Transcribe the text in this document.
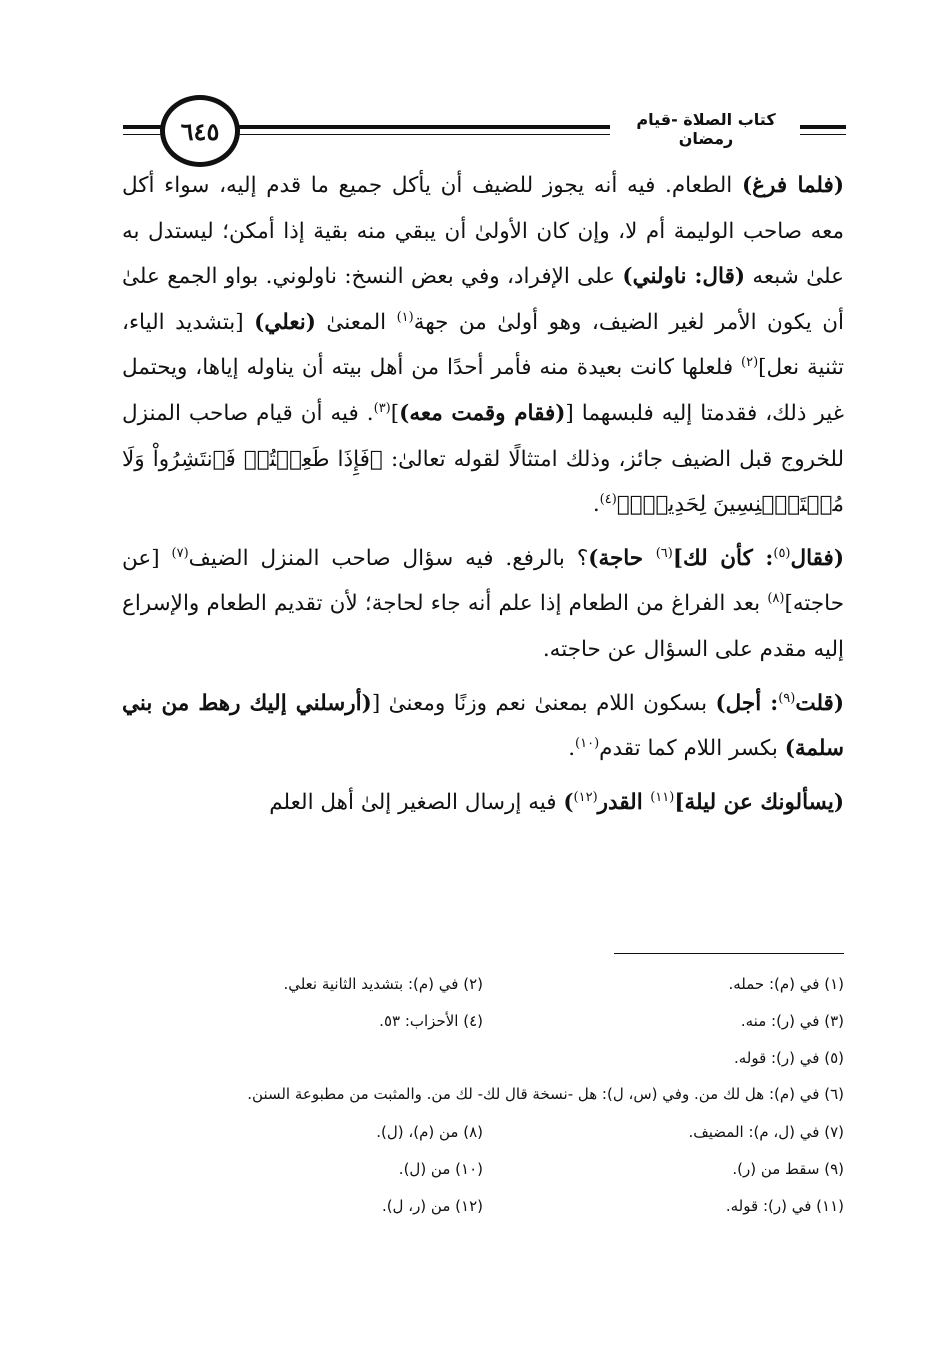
٦٤٥	كتاب الصلاة -قيام رمضان

(فلما فرغ) الطعام. فيه أنه يجوز للضيف أن يأكل جميع ما قدم إليه، سواء أكل معه صاحب الوليمة أم لا، وإن كان الأولىٰ أن يبقي منه بقية إذا أمكن؛ ليستدل به علىٰ شبعه (قال: ناولني) على الإفراد، وفي بعض النسخ: ناولوني. بواو الجمع علىٰ أن يكون الأمر لغير الضيف، وهو أولىٰ من جهة$^{(١)}$ المعنىٰ (نعلي) [بتشديد الياء، تثنية نعل]$^{(٢)}$ فلعلها كانت بعيدة منه فأمر أحدًا من أهل بيته أن يناوله إياها، ويحتمل غير ذلك، فقدمتا إليه فلبسهما [(فقام وقمت معه)]$^{(٣)}$. فيه أن قيام صاحب المنزل للخروج قبل الضيف جائز، وذلك امتثالًا لقوله تعالىٰ: ﴿فَإِذَا طَعِمۡتُمۡ فَٱنتَشِرُواْ وَلَا مُسۡتَـٔۡنِسِينَ لِحَدِيثٍۚ﴾$^{(٤)}$.

(فقال$^{(٥)}$: كأن لك]$^{(٦)}$ حاجة)؟ بالرفع. فيه سؤال صاحب المنزل الضيف$^{(٧)}$ [عن حاجته]$^{(٨)}$ بعد الفراغ من الطعام إذا علم أنه جاء لحاجة؛ لأن تقديم الطعام والإسراع إليه مقدم على السؤال عن حاجته.

(قلت$^{(٩)}$: أجل) بسكون اللام بمعنىٰ نعم وزنًا ومعنىٰ [(أرسلني إليك رهط من بني سلمة) بكسر اللام كما تقدم$^{(١٠)}$.

(يسألونك عن ليلة]$^{(١١)}$ القدر$^{(١٢)}$) فيه إرسال الصغير إلىٰ أهل العلم

(١) في (م): حمله.
(٢) في (م): بتشديد الثانية نعلي.
(٣) في (ر): منه.
(٤) الأحزاب: ٥٣.
(٥) في (ر): قوله.
(٦) في (م): هل لك من. وفي (س، ل): هل -نسخة قال لك- لك من. والمثبت من مطبوعة السنن.
(٧) في (ل، م): المضيف.
(٨) من (م)، (ل).
(٩) سقط من (ر).
(١٠) من (ل).
(١١) في (ر): قوله.
(١٢) من (ر، ل).
